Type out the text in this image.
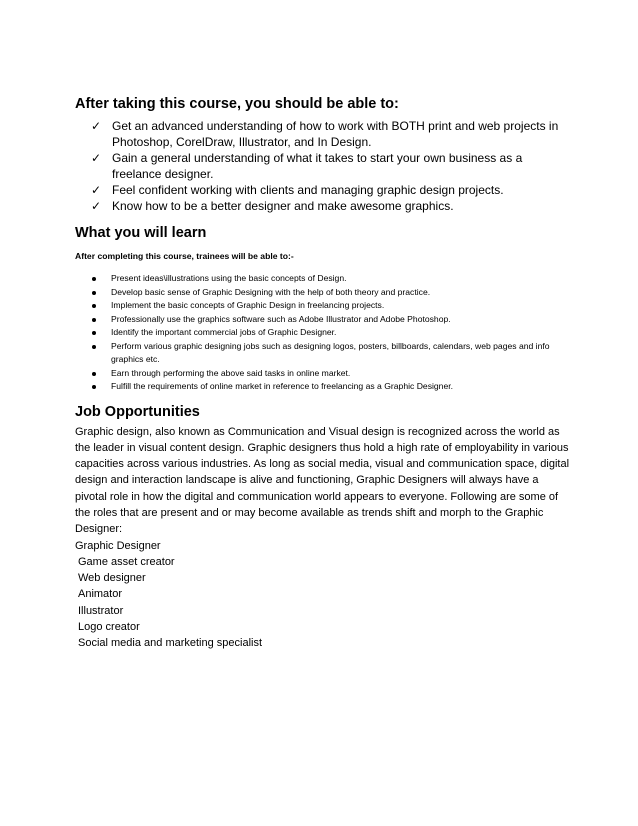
After taking this course, you should be able to:
✓ Get an advanced understanding of how to work with BOTH print and web projects in Photoshop, CorelDraw, Illustrator, and In Design.
✓ Gain a general understanding of what it takes to start your own business as a freelance designer.
✓ Feel confident working with clients and managing graphic design projects.
✓ Know how to be a better designer and make awesome graphics.
What you will learn

After completing this course, trainees will be able to:-

Present ideas\illustrations using the basic concepts of Design.
Develop basic sense of Graphic Designing with the help of both theory and practice.
Implement the basic concepts of Graphic Design in freelancing projects.
Professionally use the graphics software such as Adobe Illustrator and Adobe Photoshop.
Identify the important commercial jobs of Graphic Designer.
Perform various graphic designing jobs such as designing logos, posters, billboards, calendars, web pages and info graphics etc.
Earn through performing the above said tasks in online market.
Fulfill the requirements of online market in reference to freelancing as a Graphic Designer.
Job Opportunities

Graphic design, also known as Communication and Visual design is recognized across the world as the leader in visual content design. Graphic designers thus hold a high rate of employability in various capacities across various industries. As long as social media, visual and communication space, digital design and interaction landscape is alive and functioning, Graphic Designers will always have a pivotal role in how the digital and communication world appears to everyone. Following are some of the roles that are present and or may become available as trends shift and morph to the Graphic

Designer:
Graphic Designer
Game asset creator
Web designer
Animator
Illustrator
Logo creator
Social media and marketing specialist
